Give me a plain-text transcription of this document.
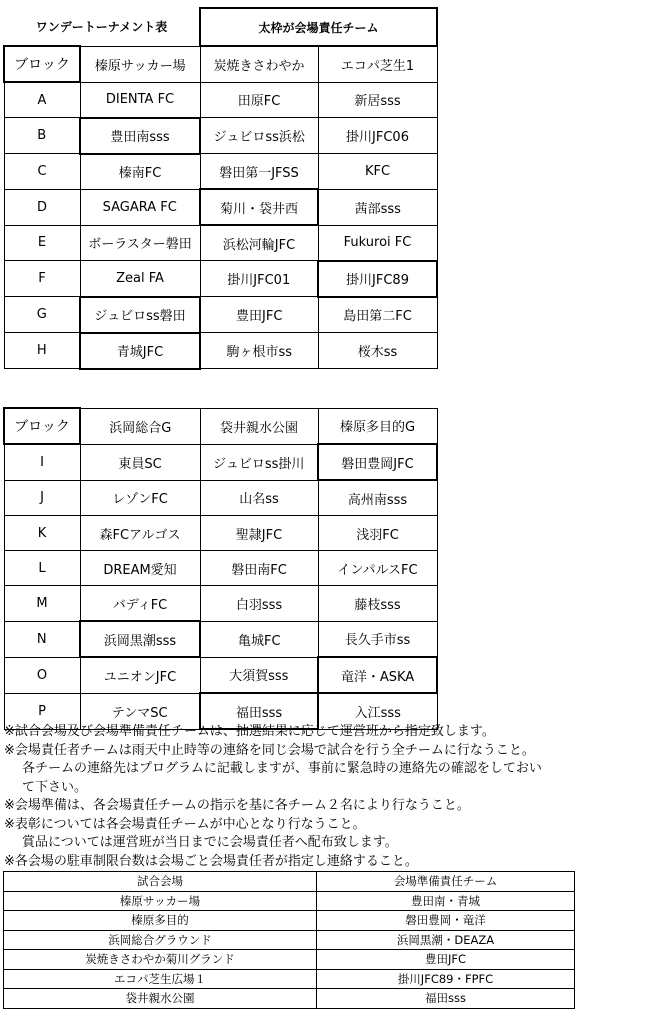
ワンデートーナメント表		太枠が会場責任チーム	
ブロック	榛原サッカー場	炭焼きさわやか	エコパ芝生1
A	DIENTA FC	田原FC	新居sss
B	豊田南sss	ジュビロss浜松	掛川JFC06
C	榛南FC	磐田第一JFSS	KFC
D	SAGARA FC	菊川・袋井西	茜部sss
E	ボーラスター磐田	浜松河輪JFC	Fukuroi FC
F	Zeal FA	掛川JFC01	掛川JFC89
G	ジュビロss磐田	豊田JFC	島田第二FC
H	青城JFC	駒ヶ根市ss	桜木ss
ブロック	浜岡総合G	袋井親水公園	榛原多目的G
I	東員SC	ジュビロss掛川	磐田豊岡JFC
J	レゾンFC	山名ss	高州南sss
K	森FCアルゴス	聖隷JFC	浅羽FC
L	DREAM愛知	磐田南FC	インパルスFC
M	バディFC	白羽sss	藤枝sss
N	浜岡黒潮sss	亀城FC	長久手市ss
O	ユニオンJFC	大須賀sss	竜洋・ASKA
P	テンマSC	福田sss	入江sss
※試合会場及び会場準備責任チームは、抽選結果に応じて運営班から指定致します。
※会場責任者チームは雨天中止時等の連絡を同じ会場で試合を行う全チームに行なうこと。
各チームの連絡先はプログラムに記載しますが、事前に緊急時の連絡先の確認をしておい
て下さい。
※会場準備は、各会場責任チームの指示を基に各チーム２名により行なうこと。
※表彰については各会場責任チームが中心となり行なうこと。
賞品については運営班が当日までに会場責任者へ配布致します。
※各会場の駐車制限台数は会場ごと会場責任者が指定し連絡すること。
試合会場	会場準備責任チーム
榛原サッカー場	豊田南・青城
榛原多目的	磐田豊岡・竜洋
浜岡総合グラウンド	浜岡黒潮・DEAZA
炭焼きさわやか菊川グランド	豊田JFC
エコパ芝生広場１	掛川JFC89・FPFC
袋井親水公園	福田sss
